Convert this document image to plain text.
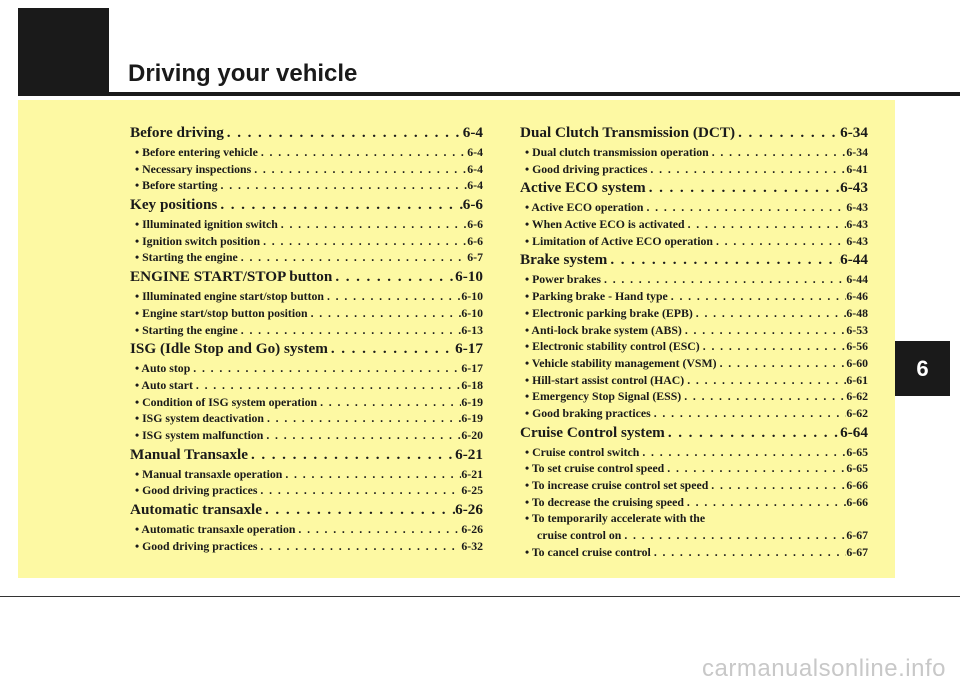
Driving your vehicle
Before driving . . .	6-4
• Before entering vehicle . . .	6-4
• Necessary inspections . . .	6-4
• Before starting . . .	6-4
Key positions . . .	6-6
• Illuminated ignition switch . . .	6-6
• Ignition switch position . . .	6-6
• Starting the engine . . .	6-7
ENGINE START/STOP button . . .	6-10
• Illuminated engine start/stop button . . .	6-10
• Engine start/stop button position . . .	6-10
• Starting the engine . . .	6-13
ISG (Idle Stop and Go) system . . .	6-17
• Auto stop . . .	6-17
• Auto start . . .	6-18
• Condition of ISG system operation . . .	6-19
• ISG system deactivation . . .	6-19
• ISG system malfunction . . .	6-20
Manual Transaxle . . .	6-21
• Manual transaxle operation . . .	6-21
• Good driving practices . . .	6-25
Automatic transaxle . . .	6-26
• Automatic transaxle operation . . .	6-26
• Good driving practices . . .	6-32
Dual Clutch Transmission (DCT) . . .	6-34
• Dual clutch transmission operation . . .	6-34
• Good driving practices . . .	6-41
Active ECO system . . .	6-43
• Active ECO operation . . .	6-43
• When Active ECO is activated . . .	6-43
• Limitation of Active ECO operation . . .	6-43
Brake system . . .	6-44
• Power brakes . . .	6-44
• Parking brake - Hand type . . .	6-46
• Electronic parking brake (EPB) . . .	6-48
• Anti-lock brake system (ABS) . . .	6-53
• Electronic stability control (ESC) . . .	6-56
• Vehicle stability management (VSM) . . .	6-60
• Hill-start assist control (HAC) . . .	6-61
• Emergency Stop Signal (ESS) . . .	6-62
• Good braking practices . . .	6-62
Cruise Control system . . .	6-64
• Cruise control switch . . .	6-65
• To set cruise control speed . . .	6-65
• To increase cruise control set speed . . .	6-66
• To decrease the cruising speed . . .	6-66
• To temporarily accelerate with the
cruise control on . . .	6-67
• To cancel cruise control . . .	6-67
6
carmanualsonline.info
